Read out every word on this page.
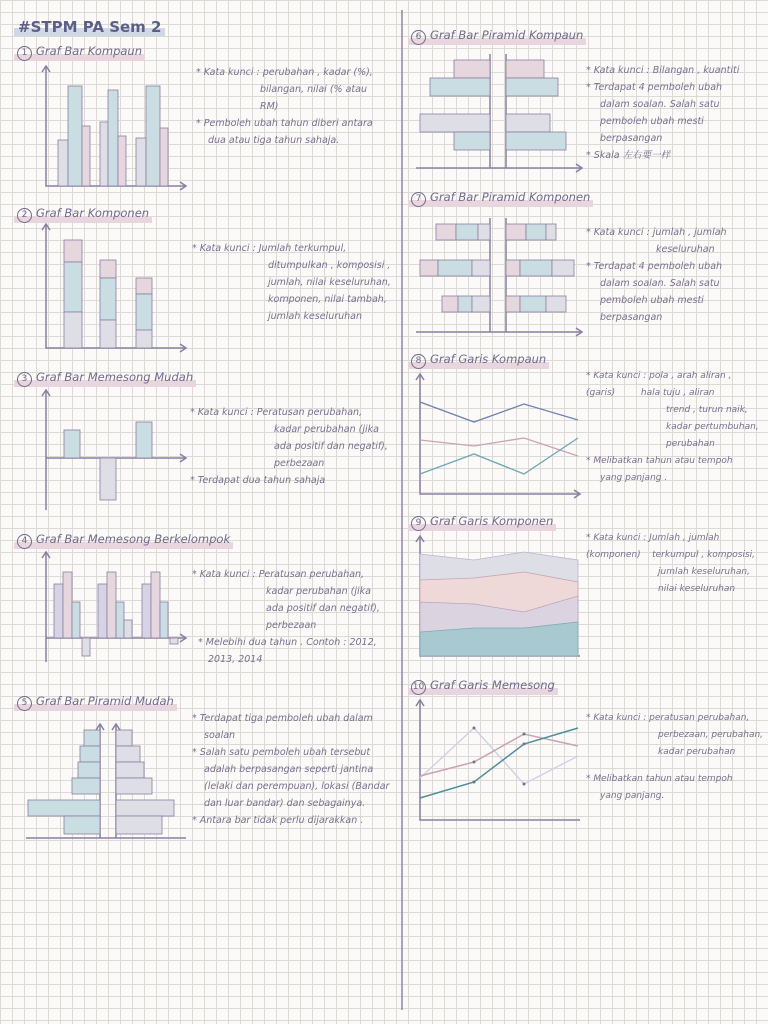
#STPM PA Sem 2
1 Graf Bar Kompaun
2 Graf Bar Komponen
3 Graf Bar Memesong Mudah
4 Graf Bar Memesong Berkelompok
5 Graf Bar Piramid Mudah
6 Graf Bar Piramid Kompaun
7 Graf Bar Piramid Komponen
8 Graf Garis Kompaun
9 Graf Garis Komponen
10 Graf Garis Memesong

* Kata kunci : perubahan , kadar (%),

bilangan, nilai (% atau

RM)

* Pemboleh ubah tahun diberi antara

dua atau tiga tahun sahaja.

* Kata kunci : Jumlah terkumpul,

ditumpulkan , komposisi ,

jumlah, nilai keseluruhan,

komponen, nilai tambah,

jumlah keseluruhan

* Kata kunci : Peratusan perubahan,

kadar perubahan (jika

ada positif dan negatif),

perbezaan

* Terdapat dua tahun sahaja

* Kata kunci : Peratusan perubahan,

kadar perubahan (jika

ada positif dan negatif),

perbezaan

* Melebihi dua tahun . Contoh : 2012,

2013, 2014

* Terdapat tiga pemboleh ubah dalam

soalan

* Salah satu pemboleh ubah tersebut

adalah berpasangan seperti jantina

(lelaki dan perempuan), lokasi (Bandar

dan luar bandar) dan sebagainya.

* Antara bar tidak perlu dijarakkan .

* Kata kunci : Bilangan , kuantiti

* Terdapat 4 pemboleh ubah

dalam soalan. Salah satu

pemboleh ubah mesti

berpasangan

* Skala 左右要一样

* Kata kunci : jumlah , jumlah

keseluruhan

* Terdapat 4 pemboleh ubah

dalam soalan. Salah satu

pemboleh ubah mesti

berpasangan

* Kata kunci : pola , arah aliran ,

(garis)         hala tuju , aliran

trend , turun naik,

kadar pertumbuhan,

perubahan

* Melibatkan tahun atau tempoh

yang panjang .

* Kata kunci : Jumlah , jumlah

(komponen)    terkumpul , komposisi,

jumlah keseluruhan,

nilai keseluruhan

* Kata kunci : peratusan perubahan,

perbezaan, perubahan,

kadar perubahan

* Melibatkan tahun atau tempoh

yang panjang.
